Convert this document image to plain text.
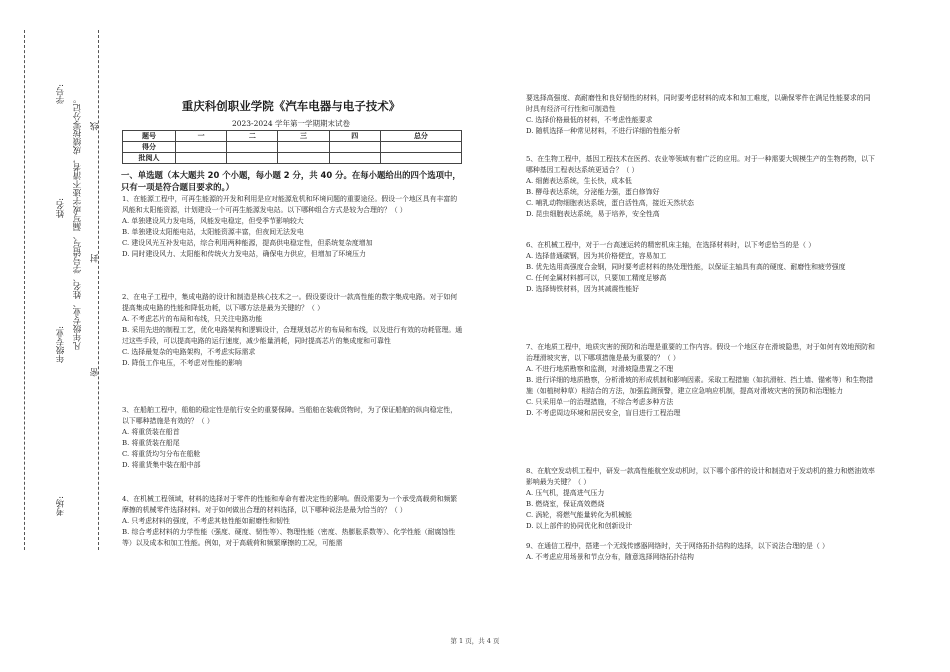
学号:
线
姓名:
封
凡年级专业、姓名、学号错写、漏写或字迹不清者，成绩按零分记。
年级专业:
密
考场:
重庆科创职业学院《汽车电器与电子技术》
2023-2024 学年第一学期期末试卷
题号	一	二	三	四	总分
得分					
批阅人					
一、单选题（本大题共 20 个小题，每小题 2 分，共 40 分。在每小题给出的四个选项中，只有一项是符合题目要求的。）

1、在能源工程中，可再生能源的开发和利用是应对能源危机和环境问题的重要途径。假设一个地区具有丰富的风能和太阳能资源，计划建设一个可再生能源发电站。以下哪种组合方式是较为合理的？（ ）

A. 单独建设风力发电场，风能发电稳定，但受季节影响较大

B. 单独建设太阳能电站，太阳能资源丰富，但夜间无法发电

C. 建设风光互补发电站，综合利用两种能源，提高供电稳定性，但系统复杂度增加

D. 同时建设风力、太阳能和传统火力发电站，确保电力供应，但增加了环境压力

2、在电子工程中，集成电路的设计和制造是核心技术之一。假设要设计一款高性能的数字集成电路。对于如何提高集成电路的性能和降低功耗，以下哪方法是最为关键的？（ ）

A. 不考虑芯片的布局和布线，只关注电路功能

B. 采用先进的制程工艺，优化电路架构和逻辑设计，合理规划芯片的布局和布线，以及进行有效的功耗管理。通过这些手段，可以提高电路的运行速度，减少能量消耗，同时提高芯片的集成度和可靠性

C. 选择最复杂的电路架构，不考虑实际需求

D. 降低工作电压，不考虑对性能的影响

3、在船舶工程中，船舶的稳定性是航行安全的重要保障。当船舶在装载货物时，为了保证船舶的纵向稳定性，以下哪种措施是有效的？（ ）

A. 将重货装在船首

B. 将重货装在船尾

C. 将重货均匀分布在船舱

D. 将重货集中装在船中部

4、在机械工程领域，材料的选择对于零件的性能和寿命有着决定性的影响。假设需要为一个承受高载荷和频繁摩擦的机械零件选择材料。对于如何做出合理的材料选择，以下哪种说法是最为恰当的？（ ）

A. 只考虑材料的强度，不考虑其他性能如耐磨性和韧性

B. 综合考虑材料的力学性能（强度、硬度、韧性等）、物理性能（密度、热膨胀系数等）、化学性能（耐腐蚀性等）以及成本和加工性能。例如，对于高载荷和频繁摩擦的工况，可能需

要选择高强度、高耐磨性和良好韧性的材料，同时要考虑材料的成本和加工难度，以确保零件在满足性能要求的同时具有经济可行性和可制造性

C. 选择价格最低的材料，不考虑性能要求

D. 随机选择一种常见材料，不进行详细的性能分析

5、在生物工程中，基因工程技术在医药、农业等领域有着广泛的应用。对于一种需要大规模生产的生物药物，以下哪种基因工程表达系统更适合？（ ）

A. 细菌表达系统，生长快，成本低

B. 酵母表达系统，分泌能力强，蛋白修饰好

C. 哺乳动物细胞表达系统，蛋白活性高，接近天然状态

D. 昆虫细胞表达系统，易于培养，安全性高

6、在机械工程中，对于一台高速运转的精密机床主轴，在选择材料时，以下考虑恰当的是（ ）

A. 选择普通碳钢，因为其价格便宜，容易加工

B. 优先选用高强度合金钢，同时要考虑材料的热处理性能，以保证主轴具有高的硬度、耐磨性和疲劳强度

C. 任何金属材料都可以，只要加工精度足够高

D. 选择铸铁材料，因为其减震性能好

7、在地质工程中，地质灾害的预防和治理是重要的工作内容。假设一个地区存在滑坡隐患，对于如何有效地预防和治理滑坡灾害，以下哪项措施是最为重要的？（ ）

A. 不进行地质勘察和监测，对滑坡隐患置之不理

B. 进行详细的地质勘察，分析滑坡的形成机制和影响因素。采取工程措施（如抗滑桩、挡土墙、锚索等）和生物措施（如植树种草）相结合的方法，加强监测预警，建立应急响应机制，提高对滑坡灾害的预防和治理能力

C. 只采用单一的治理措施，不综合考虑多种方法

D. 不考虑周边环境和居民安全，盲目进行工程治理

8、在航空发动机工程中，研发一款高性能航空发动机时，以下哪个部件的设计和制造对于发动机的推力和燃油效率影响最为关键？（ ）

A. 压气机，提高进气压力

B. 燃烧室，保证高效燃烧

C. 涡轮，将燃气能量转化为机械能

D. 以上部件的协同优化和创新设计

9、在通信工程中，搭建一个无线传感器网络时，关于网络拓扑结构的选择，以下说法合理的是（ ）

A. 不考虑应用场景和节点分布，随意选择网络拓扑结构

第 1 页，共 4 页
